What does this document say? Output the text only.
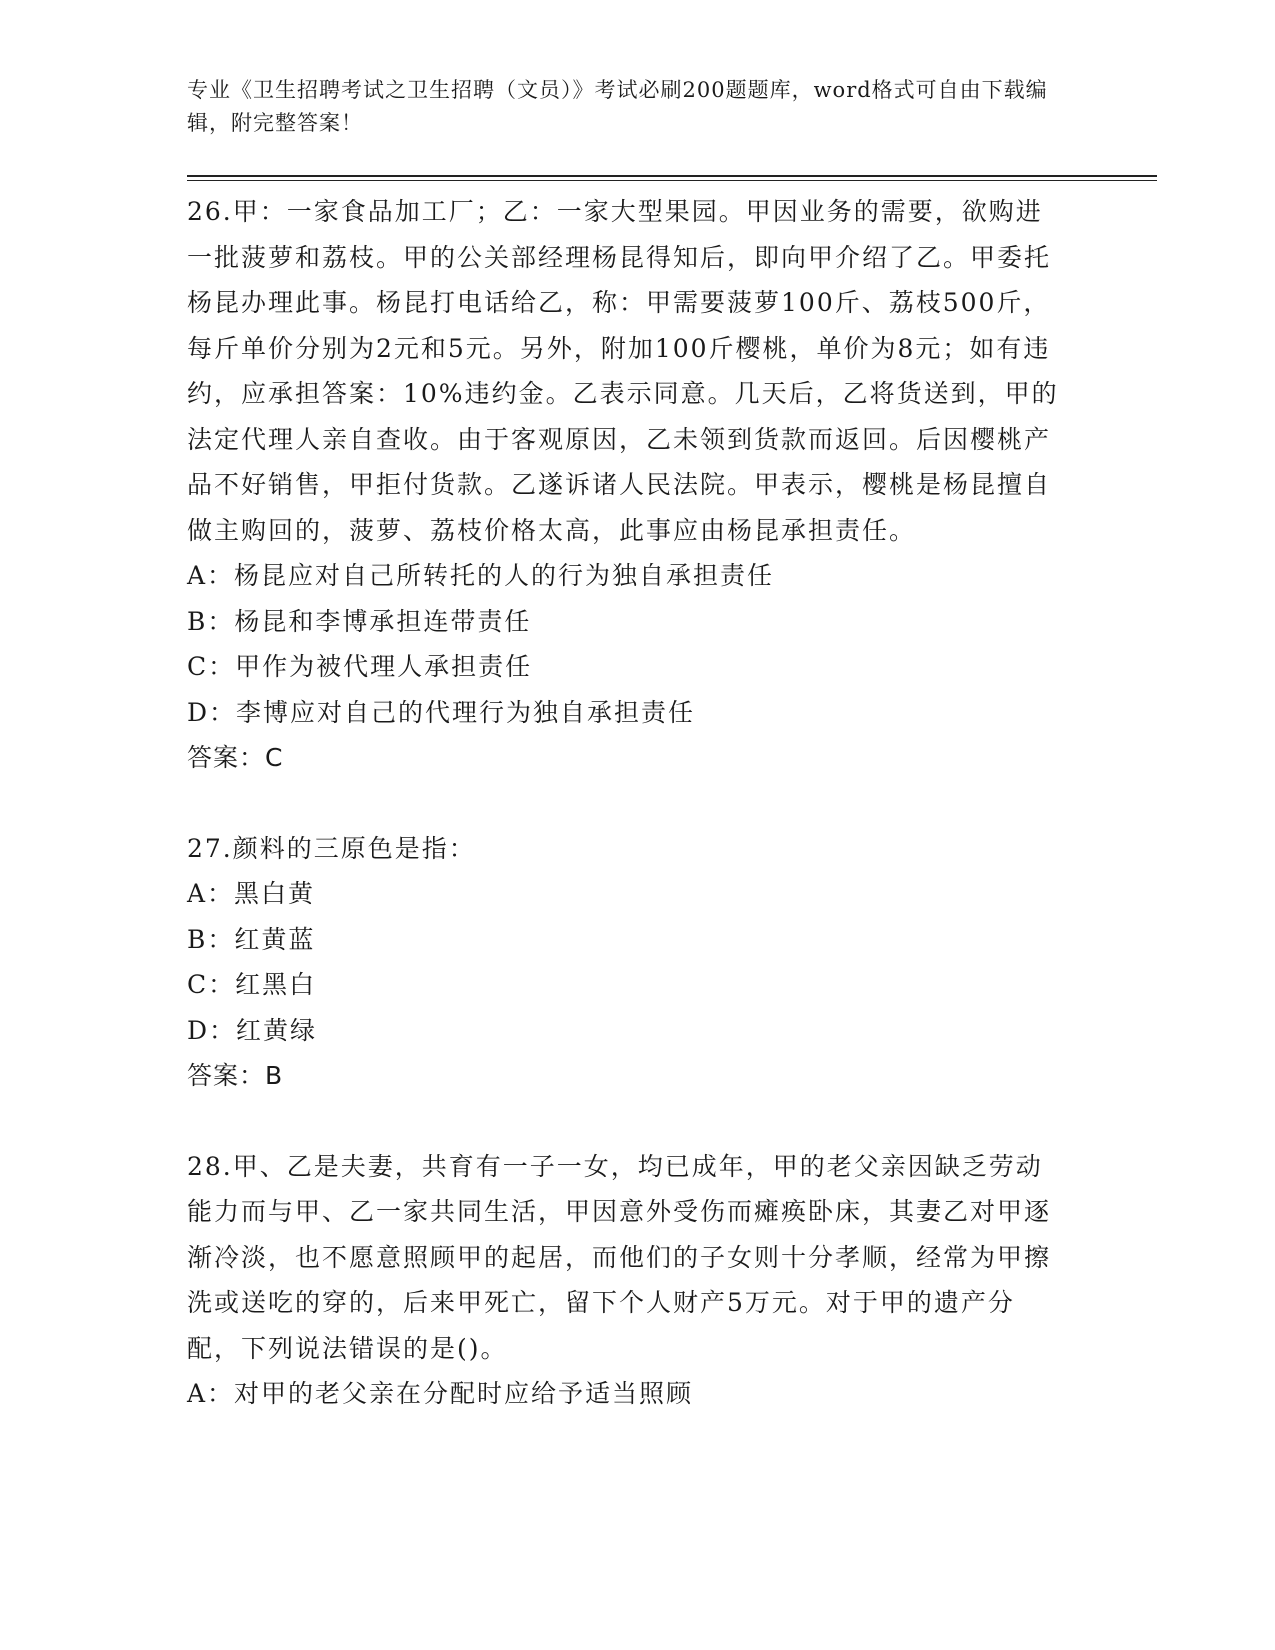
专业《卫生招聘考试之卫生招聘（文员）》考试必刷200题题库，word格式可自由下载编辑，附完整答案！

26.甲：一家食品加工厂；乙：一家大型果园。甲因业务的需要，欲购进一批菠萝和荔枝。甲的公关部经理杨昆得知后，即向甲介绍了乙。甲委托杨昆办理此事。杨昆打电话给乙，称：甲需要菠萝100斤、荔枝500斤，每斤单价分别为2元和5元。另外，附加100斤樱桃，单价为8元；如有违约，应承担答案：10%违约金。乙表示同意。几天后，乙将货送到，甲的法定代理人亲自查收。由于客观原因，乙未领到货款而返回。后因樱桃产品不好销售，甲拒付货款。乙遂诉诸人民法院。甲表示，樱桃是杨昆擅自做主购回的，菠萝、荔枝价格太高，此事应由杨昆承担责任。
A：杨昆应对自己所转托的人的行为独自承担责任
B：杨昆和李博承担连带责任
C：甲作为被代理人承担责任
D：李博应对自己的代理行为独自承担责任
答案：C
27.颜料的三原色是指：
A：黑白黄
B：红黄蓝
C：红黑白
D：红黄绿
答案：B
28.甲、乙是夫妻，共育有一子一女，均已成年，甲的老父亲因缺乏劳动能力而与甲、乙一家共同生活，甲因意外受伤而瘫痪卧床，其妻乙对甲逐渐冷淡，也不愿意照顾甲的起居，而他们的子女则十分孝顺，经常为甲擦洗或送吃的穿的，后来甲死亡，留下个人财产5万元。对于甲的遗产分配，下列说法错误的是()。
A：对甲的老父亲在分配时应给予适当照顾
